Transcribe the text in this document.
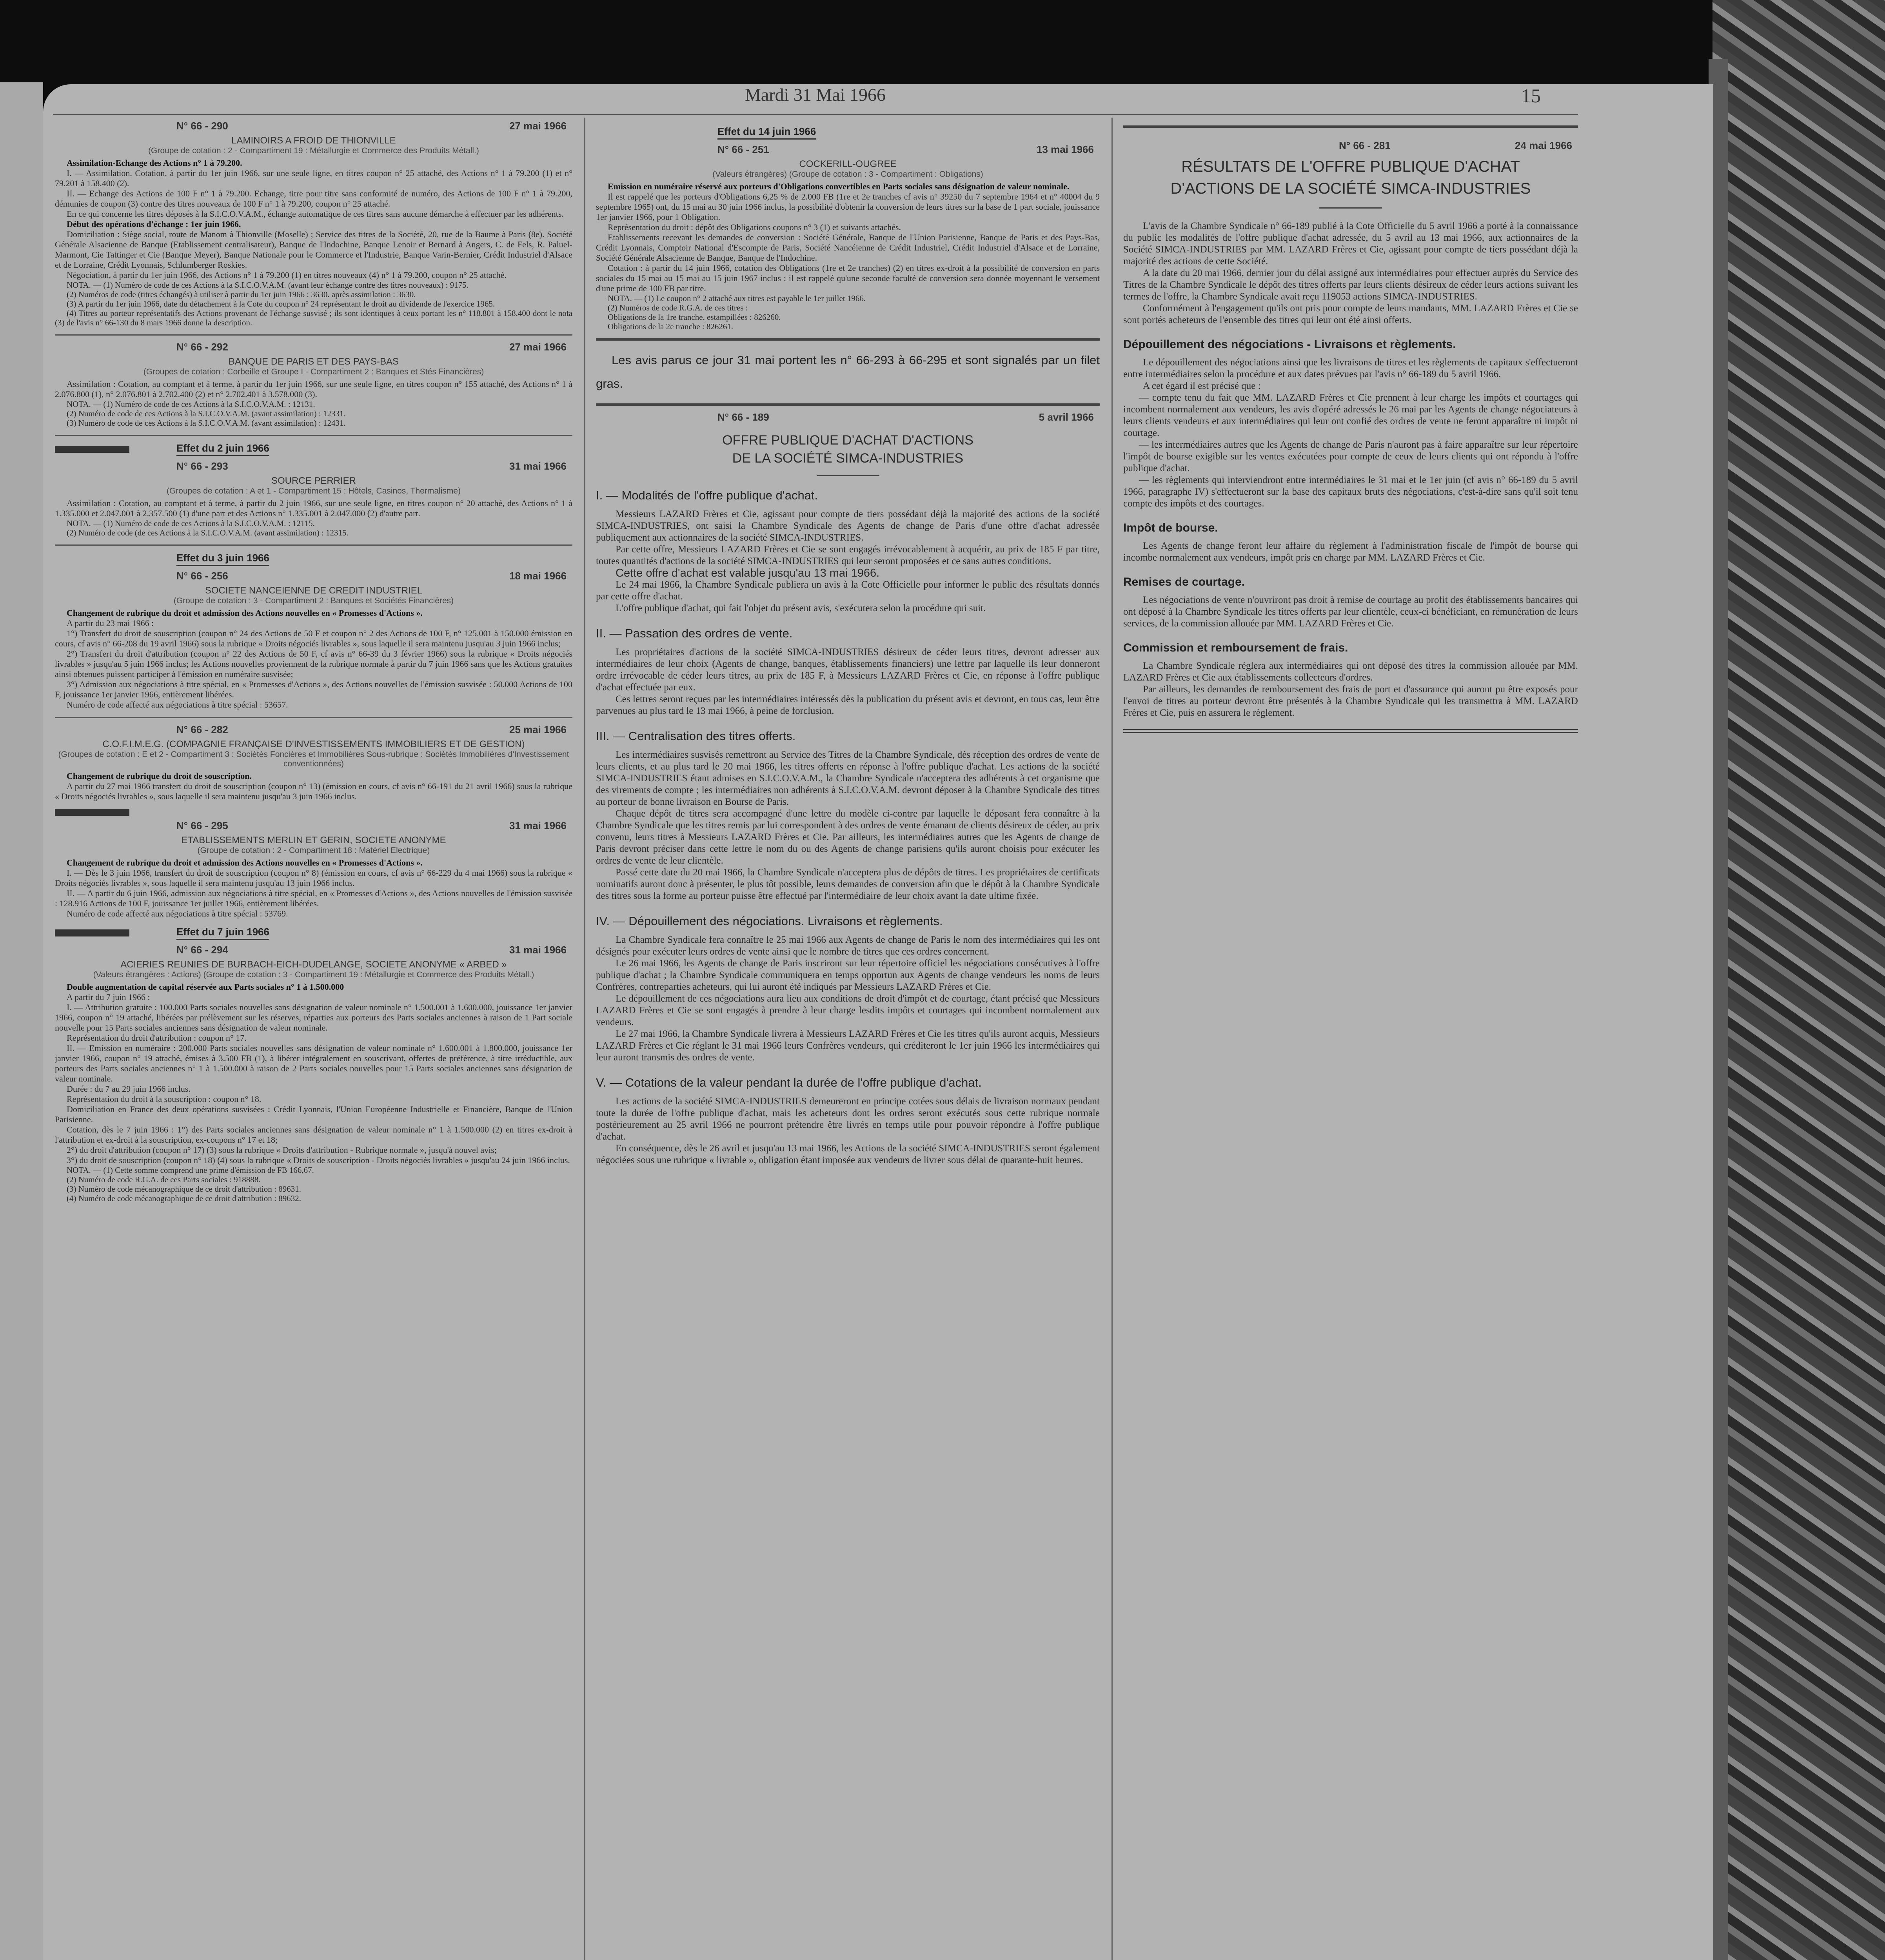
Mardi 31 Mai 1966	15
N° 66 - 290	27 mai 1966
LAMINOIRS A FROID DE THIONVILLE
(Groupe de cotation : 2 - Compartiment 19 : Métallurgie et Commerce des Produits Métall.)

Assimilation-Echange des Actions n° 1 à 79.200.

I. — Assimilation. Cotation, à partir du 1er juin 1966, sur une seule ligne, en titres coupon n° 25 attaché, des Actions n° 1 à 79.200 (1) et n° 79.201 à 158.400 (2).

II. — Echange des Actions de 100 F n° 1 à 79.200. Echange, titre pour titre sans conformité de numéro, des Actions de 100 F n° 1 à 79.200, démunies de coupon (3) contre des titres nouveaux de 100 F n° 1 à 79.200, coupon n° 25 attaché.

En ce qui concerne les titres déposés à la S.I.C.O.V.A.M., échange automatique de ces titres sans aucune démarche à effectuer par les adhérents.

Début des opérations d'échange : 1er juin 1966.

Domiciliation : Siège social, route de Manom à Thionville (Moselle) ; Service des titres de la Société, 20, rue de la Baume à Paris (8e). Société Générale Alsacienne de Banque (Etablissement centralisateur), Banque de l'Indochine, Banque Lenoir et Bernard à Angers, C. de Fels, R. Paluel-Marmont, Cie Tattinger et Cie (Banque Meyer), Banque Nationale pour le Commerce et l'Industrie, Banque Varin-Bernier, Crédit Industriel d'Alsace et de Lorraine, Crédit Lyonnais, Schlumberger Roskies.

Négociation, à partir du 1er juin 1966, des Actions n° 1 à 79.200 (1) en titres nouveaux (4) n° 1 à 79.200, coupon n° 25 attaché.

NOTA. — (1) Numéro de code de ces Actions à la S.I.C.O.V.A.M. (avant leur échange contre des titres nouveaux) : 9175.

(2) Numéros de code (titres échangés) à utiliser à partir du 1er juin 1966 : 3630. après assimilation : 3630.

(3) A partir du 1er juin 1966, date du détachement à la Cote du coupon n° 24 représentant le droit au dividende de l'exercice 1965.

(4) Titres au porteur représentatifs des Actions provenant de l'échange susvisé ; ils sont identiques à ceux portant les n° 118.801 à 158.400 dont le nota (3) de l'avis n° 66-130 du 8 mars 1966 donne la description.

N° 66 - 292	27 mai 1966
BANQUE DE PARIS ET DES PAYS-BAS
(Groupes de cotation : Corbeille et Groupe I - Compartiment 2 : Banques et Stés Financières)

Assimilation : Cotation, au comptant et à terme, à partir du 1er juin 1966, sur une seule ligne, en titres coupon n° 155 attaché, des Actions n° 1 à 2.076.800 (1), n° 2.076.801 à 2.702.400 (2) et n° 2.702.401 à 3.578.000 (3).

NOTA. — (1) Numéro de code de ces Actions à la S.I.C.O.V.A.M. : 12131.

(2) Numéro de code de ces Actions à la S.I.C.O.V.A.M. (avant assimilation) : 12331.

(3) Numéro de code de ces Actions à la S.I.C.O.V.A.M. (avant assimilation) : 12431.

Effet du 2 juin 1966
N° 66 - 293	31 mai 1966
SOURCE PERRIER
(Groupes de cotation : A et 1 - Compartiment 15 : Hôtels, Casinos, Thermalisme)

Assimilation : Cotation, au comptant et à terme, à partir du 2 juin 1966, sur une seule ligne, en titres coupon n° 20 attaché, des Actions n° 1 à 1.335.000 et 2.047.001 à 2.357.500 (1) d'une part et des Actions n° 1.335.001 à 2.047.000 (2) d'autre part.

NOTA. — (1) Numéro de code de ces Actions à la S.I.C.O.V.A.M. : 12115.

(2) Numéro de code (de ces Actions à la S.I.C.O.V.A.M. (avant assimilation) : 12315.

Effet du 3 juin 1966
N° 66 - 256	18 mai 1966
SOCIETE NANCEIENNE DE CREDIT INDUSTRIEL
(Groupe de cotation : 3 - Compartiment 2 : Banques et Sociétés Financières)

Changement de rubrique du droit et admission des Actions nouvelles en « Promesses d'Actions ».

A partir du 23 mai 1966 :

1°) Transfert du droit de souscription (coupon n° 24 des Actions de 50 F et coupon n° 2 des Actions de 100 F, n° 125.001 à 150.000 émission en cours, cf avis n° 66-208 du 19 avril 1966) sous la rubrique « Droits négociés livrables », sous laquelle il sera maintenu jusqu'au 3 juin 1966 inclus;

2°) Transfert du droit d'attribution (coupon n° 22 des Actions de 50 F, cf avis n° 66-39 du 3 février 1966) sous la rubrique « Droits négociés livrables » jusqu'au 5 juin 1966 inclus; les Actions nouvelles proviennent de la rubrique normale à partir du 7 juin 1966 sans que les Actions gratuites ainsi obtenues puissent participer à l'émission en numéraire susvisée;

3°) Admission aux négociations à titre spécial, en « Promesses d'Actions », des Actions nouvelles de l'émission susvisée : 50.000 Actions de 100 F, jouissance 1er janvier 1966, entièrement libérées.

Numéro de code affecté aux négociations à titre spécial : 53657.

N° 66 - 282	25 mai 1966
C.O.F.I.M.E.G. (COMPAGNIE FRANÇAISE D'INVESTISSEMENTS IMMOBILIERS ET DE GESTION)
(Groupes de cotation : E et 2 - Compartiment 3 : Sociétés Foncières et Immobilières Sous-rubrique : Sociétés Immobilières d'Investissement conventionnées)

Changement de rubrique du droit de souscription.

A partir du 27 mai 1966 transfert du droit de souscription (coupon n° 13) (émission en cours, cf avis n° 66-191 du 21 avril 1966) sous la rubrique « Droits négociés livrables », sous laquelle il sera maintenu jusqu'au 3 juin 1966 inclus.

N° 66 - 295	31 mai 1966
ETABLISSEMENTS MERLIN ET GERIN, SOCIETE ANONYME
(Groupe de cotation : 2 - Compartiment 18 : Matériel Electrique)

Changement de rubrique du droit et admission des Actions nouvelles en « Promesses d'Actions ».

I. — Dès le 3 juin 1966, transfert du droit de souscription (coupon n° 8) (émission en cours, cf avis n° 66-229 du 4 mai 1966) sous la rubrique « Droits négociés livrables », sous laquelle il sera maintenu jusqu'au 13 juin 1966 inclus.

II. — A partir du 6 juin 1966, admission aux négociations à titre spécial, en « Promesses d'Actions », des Actions nouvelles de l'émission susvisée : 128.916 Actions de 100 F, jouissance 1er juillet 1966, entièrement libérées.

Numéro de code affecté aux négociations à titre spécial : 53769.

Effet du 7 juin 1966
N° 66 - 294	31 mai 1966
ACIERIES REUNIES DE BURBACH-EICH-DUDELANGE, SOCIETE ANONYME « ARBED »
(Valeurs étrangères : Actions) (Groupe de cotation : 3 - Compartiment 19 : Métallurgie et Commerce des Produits Métall.)

Double augmentation de capital réservée aux Parts sociales n° 1 à 1.500.000

A partir du 7 juin 1966 :

I. — Attribution gratuite : 100.000 Parts sociales nouvelles sans désignation de valeur nominale n° 1.500.001 à 1.600.000, jouissance 1er janvier 1966, coupon n° 19 attaché, libérées par prélèvement sur les réserves, réparties aux porteurs des Parts sociales anciennes à raison de 1 Part sociale nouvelle pour 15 Parts sociales anciennes sans désignation de valeur nominale.

Représentation du droit d'attribution : coupon n° 17.

II. — Emission en numéraire : 200.000 Parts sociales nouvelles sans désignation de valeur nominale n° 1.600.001 à 1.800.000, jouissance 1er janvier 1966, coupon n° 19 attaché, émises à 3.500 FB (1), à libérer intégralement en souscrivant, offertes de préférence, à titre irréductible, aux porteurs des Parts sociales anciennes n° 1 à 1.500.000 à raison de 2 Parts sociales nouvelles pour 15 Parts sociales anciennes sans désignation de valeur nominale.

Durée : du 7 au 29 juin 1966 inclus.

Représentation du droit à la souscription : coupon n° 18.

Domiciliation en France des deux opérations susvisées : Crédit Lyonnais, l'Union Européenne Industrielle et Financière, Banque de l'Union Parisienne.

Cotation, dès le 7 juin 1966 : 1°) des Parts sociales anciennes sans désignation de valeur nominale n° 1 à 1.500.000 (2) en titres ex-droit à l'attribution et ex-droit à la souscription, ex-coupons n° 17 et 18;

2°) du droit d'attribution (coupon n° 17) (3) sous la rubrique « Droits d'attribution - Rubrique normale », jusqu'à nouvel avis;

3°) du droit de souscription (coupon n° 18) (4) sous la rubrique « Droits de souscription - Droits négociés livrables » jusqu'au 24 juin 1966 inclus.

NOTA. — (1) Cette somme comprend une prime d'émission de FB 166,67.

(2) Numéro de code R.G.A. de ces Parts sociales : 918888.

(3) Numéro de code mécanographique de ce droit d'attribution : 89631.

(4) Numéro de code mécanographique de ce droit d'attribution : 89632.

Effet du 14 juin 1966
N° 66 - 251	13 mai 1966
COCKERILL-OUGREE
(Valeurs étrangères) (Groupe de cotation : 3 - Compartiment : Obligations)

Emission en numéraire réservé aux porteurs d'Obligations convertibles en Parts sociales sans désignation de valeur nominale.

Il est rappelé que les porteurs d'Obligations 6,25 % de 2.000 FB (1re et 2e tranches cf avis n° 39250 du 7 septembre 1964 et n° 40004 du 9 septembre 1965) ont, du 15 mai au 30 juin 1966 inclus, la possibilité d'obtenir la conversion de leurs titres sur la base de 1 part sociale, jouissance 1er janvier 1966, pour 1 Obligation.

Représentation du droit : dépôt des Obligations coupons n° 3 (1) et suivants attachés.

Etablissements recevant les demandes de conversion : Société Générale, Banque de l'Union Parisienne, Banque de Paris et des Pays-Bas, Crédit Lyonnais, Comptoir National d'Escompte de Paris, Société Nancéienne de Crédit Industriel, Crédit Industriel d'Alsace et de Lorraine, Société Générale Alsacienne de Banque, Banque de l'Indochine.

Cotation : à partir du 14 juin 1966, cotation des Obligations (1re et 2e tranches) (2) en titres ex-droit à la possibilité de conversion en parts sociales du 15 mai au 15 mai au 15 juin 1967 inclus : il est rappelé qu'une seconde faculté de conversion sera donnée moyennant le versement d'une prime de 100 FB par titre.

NOTA. — (1) Le coupon n° 2 attaché aux titres est payable le 1er juillet 1966.

(2) Numéros de code R.G.A. de ces titres :

Obligations de la 1re tranche, estampillées : 826260.

Obligations de la 2e tranche : 826261.

Les avis parus ce jour 31 mai portent les n° 66-293 à 66-295 et sont signalés par un filet gras.

N° 66 - 189	5 avril 1966
OFFRE PUBLIQUE D'ACHAT D'ACTIONS
DE LA SOCIÉTÉ SIMCA-INDUSTRIES
I. — Modalités de l'offre publique d'achat.

Messieurs LAZARD Frères et Cie, agissant pour compte de tiers possédant déjà la majorité des actions de la société SIMCA-INDUSTRIES, ont saisi la Chambre Syndicale des Agents de change de Paris d'une offre d'achat adressée publiquement aux actionnaires de la société SIMCA-INDUSTRIES.

Par cette offre, Messieurs LAZARD Frères et Cie se sont engagés irrévocablement à acquérir, au prix de 185 F par titre, toutes quantités d'actions de la société SIMCA-INDUSTRIES qui leur seront proposées et ce sans autres conditions.

Cette offre d'achat est valable jusqu'au 13 mai 1966.

Le 24 mai 1966, la Chambre Syndicale publiera un avis à la Cote Officielle pour informer le public des résultats donnés par cette offre d'achat.

L'offre publique d'achat, qui fait l'objet du présent avis, s'exécutera selon la procédure qui suit.

II. — Passation des ordres de vente.

Les propriétaires d'actions de la société SIMCA-INDUSTRIES désireux de céder leurs titres, devront adresser aux intermédiaires de leur choix (Agents de change, banques, établissements financiers) une lettre par laquelle ils leur donneront ordre irrévocable de céder leurs titres, au prix de 185 F, à Messieurs LAZARD Frères et Cie, en réponse à l'offre publique d'achat effectuée par eux.

Ces lettres seront reçues par les intermédiaires intéressés dès la publication du présent avis et devront, en tous cas, leur être parvenues au plus tard le 13 mai 1966, à peine de forclusion.

III. — Centralisation des titres offerts.

Les intermédiaires susvisés remettront au Service des Titres de la Chambre Syndicale, dès réception des ordres de vente de leurs clients, et au plus tard le 20 mai 1966, les titres offerts en réponse à l'offre publique d'achat. Les actions de la société SIMCA-INDUSTRIES étant admises en S.I.C.O.V.A.M., la Chambre Syndicale n'acceptera des adhérents à cet organisme que des virements de compte ; les intermédiaires non adhérents à S.I.C.O.V.A.M. devront déposer à la Chambre Syndicale des titres au porteur de bonne livraison en Bourse de Paris.

Chaque dépôt de titres sera accompagné d'une lettre du modèle ci-contre par laquelle le déposant fera connaître à la Chambre Syndicale que les titres remis par lui correspondent à des ordres de vente émanant de clients désireux de céder, au prix convenu, leurs titres à Messieurs LAZARD Frères et Cie. Par ailleurs, les intermédiaires autres que les Agents de change de Paris devront préciser dans cette lettre le nom du ou des Agents de change parisiens qu'ils auront choisis pour exécuter les ordres de vente de leur clientèle.

Passé cette date du 20 mai 1966, la Chambre Syndicale n'acceptera plus de dépôts de titres. Les propriétaires de certificats nominatifs auront donc à présenter, le plus tôt possible, leurs demandes de conversion afin que le dépôt à la Chambre Syndicale des titres sous la forme au porteur puisse être effectué par l'intermédiaire de leur choix avant la date ultime fixée.

IV. — Dépouillement des négociations. Livraisons et règlements.

La Chambre Syndicale fera connaître le 25 mai 1966 aux Agents de change de Paris le nom des intermédiaires qui les ont désignés pour exécuter leurs ordres de vente ainsi que le nombre de titres que ces ordres concernent.

Le 26 mai 1966, les Agents de change de Paris inscriront sur leur répertoire officiel les négociations consécutives à l'offre publique d'achat ; la Chambre Syndicale communiquera en temps opportun aux Agents de change vendeurs les noms de leurs Confrères, contreparties acheteurs, qui lui auront été indiqués par Messieurs LAZARD Frères et Cie.

Le dépouillement de ces négociations aura lieu aux conditions de droit d'impôt et de courtage, étant précisé que Messieurs LAZARD Frères et Cie se sont engagés à prendre à leur charge lesdits impôts et courtages qui incombent normalement aux vendeurs.

Le 27 mai 1966, la Chambre Syndicale livrera à Messieurs LAZARD Frères et Cie les titres qu'ils auront acquis, Messieurs LAZARD Frères et Cie réglant le 31 mai 1966 leurs Confrères vendeurs, qui créditeront le 1er juin 1966 les intermédiaires qui leur auront transmis des ordres de vente.

V. — Cotations de la valeur pendant la durée de l'offre publique d'achat.

Les actions de la société SIMCA-INDUSTRIES demeureront en principe cotées sous délais de livraison normaux pendant toute la durée de l'offre publique d'achat, mais les acheteurs dont les ordres seront exécutés sous cette rubrique normale postérieurement au 25 avril 1966 ne pourront prétendre être livrés en temps utile pour pouvoir répondre à l'offre publique d'achat.

En conséquence, dès le 26 avril et jusqu'au 13 mai 1966, les Actions de la société SIMCA-INDUSTRIES seront également négociées sous une rubrique « livrable », obligation étant imposée aux vendeurs de livrer sous délai de quarante-huit heures.

N° 66 - 281	24 mai 1966
RÉSULTATS DE L'OFFRE PUBLIQUE D'ACHAT
D'ACTIONS DE LA SOCIÉTÉ SIMCA-INDUSTRIES

L'avis de la Chambre Syndicale n° 66-189 publié à la Cote Officielle du 5 avril 1966 a porté à la connaissance du public les modalités de l'offre publique d'achat adressée, du 5 avril au 13 mai 1966, aux actionnaires de la Société SIMCA-INDUSTRIES par MM. LAZARD Frères et Cie, agissant pour compte de tiers possédant déjà la majorité des actions de cette Société.

A la date du 20 mai 1966, dernier jour du délai assigné aux intermédiaires pour effectuer auprès du Service des Titres de la Chambre Syndicale le dépôt des titres offerts par leurs clients désireux de céder leurs actions suivant les termes de l'offre, la Chambre Syndicale avait reçu 119053 actions SIMCA-INDUSTRIES.

Conformément à l'engagement qu'ils ont pris pour compte de leurs mandants, MM. LAZARD Frères et Cie se sont portés acheteurs de l'ensemble des titres qui leur ont été ainsi offerts.

Dépouillement des négociations - Livraisons et règlements.

Le dépouillement des négociations ainsi que les livraisons de titres et les règlements de capitaux s'effectueront entre intermédiaires selon la procédure et aux dates prévues par l'avis n° 66-189 du 5 avril 1966.

A cet égard il est précisé que :

— compte tenu du fait que MM. LAZARD Frères et Cie prennent à leur charge les impôts et courtages qui incombent normalement aux vendeurs, les avis d'opéré adressés le 26 mai par les Agents de change négociateurs à leurs clients vendeurs et aux intermédiaires qui leur ont confié des ordres de vente ne feront apparaître ni impôt ni courtage.

— les intermédiaires autres que les Agents de change de Paris n'auront pas à faire apparaître sur leur répertoire l'impôt de bourse exigible sur les ventes exécutées pour compte de ceux de leurs clients qui ont répondu à l'offre publique d'achat.

— les règlements qui interviendront entre intermédiaires le 31 mai et le 1er juin (cf avis n° 66-189 du 5 avril 1966, paragraphe IV) s'effectueront sur la base des capitaux bruts des négociations, c'est-à-dire sans qu'il soit tenu compte des impôts et des courtages.

Impôt de bourse.

Les Agents de change feront leur affaire du règlement à l'administration fiscale de l'impôt de bourse qui incombe normalement aux vendeurs, impôt pris en charge par MM. LAZARD Frères et Cie.

Remises de courtage.

Les négociations de vente n'ouvriront pas droit à remise de courtage au profit des établissements bancaires qui ont déposé à la Chambre Syndicale les titres offerts par leur clientèle, ceux-ci bénéficiant, en rémunération de leurs services, de la commission allouée par MM. LAZARD Frères et Cie.

Commission et remboursement de frais.

La Chambre Syndicale réglera aux intermédiaires qui ont déposé des titres la commission allouée par MM. LAZARD Frères et Cie aux établissements collecteurs d'ordres.

Par ailleurs, les demandes de remboursement des frais de port et d'assurance qui auront pu être exposés pour l'envoi de titres au porteur devront être présentés à la Chambre Syndicale qui les transmettra à MM. LAZARD Frères et Cie, puis en assurera le règlement.
